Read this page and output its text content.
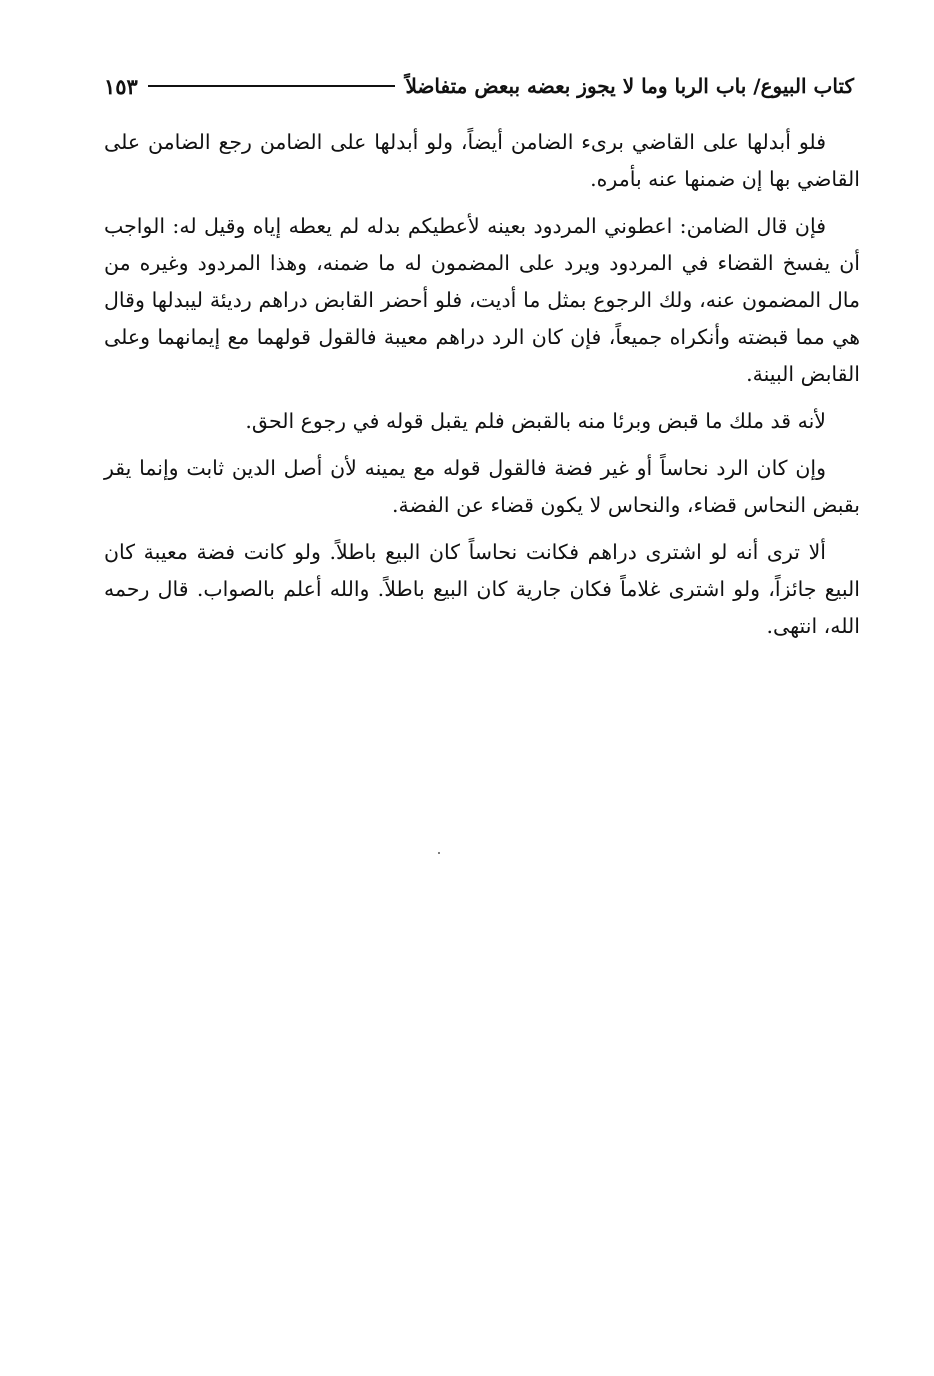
كتاب البيوع/ باب الربا وما لا يجوز بعضه ببعض متفاضلاً
١٥٣

فلو أبدلها على القاضي برىء الضامن أيضاً، ولو أبدلها على الضامن رجع الضامن على القاضي بها إن ضمنها عنه بأمره.

فإن قال الضامن: اعطوني المردود بعينه لأعطيكم بدله لم يعطه إياه وقيل له: الواجب أن يفسخ القضاء في المردود ويرد على المضمون له ما ضمنه، وهذا المردود وغيره من مال المضمون عنه، ولك الرجوع بمثل ما أديت، فلو أحضر القابض دراهم رديئة ليبدلها وقال هي مما قبضته وأنكراه جميعاً، فإن كان الرد دراهم معيبة فالقول قولهما مع إيمانهما وعلى القابض البينة.

لأنه قد ملك ما قبض وبرئا منه بالقبض فلم يقبل قوله في رجوع الحق.

وإن كان الرد نحاساً أو غير فضة فالقول قوله مع يمينه لأن أصل الدين ثابت وإنما يقر بقبض النحاس قضاء، والنحاس لا يكون قضاء عن الفضة.

ألا ترى أنه لو اشترى دراهم فكانت نحاساً كان البيع باطلاً. ولو كانت فضة معيبة كان البيع جائزاً، ولو اشترى غلاماً فكان جارية كان البيع باطلاً. والله أعلم بالصواب. قال رحمه الله، انتهى.
